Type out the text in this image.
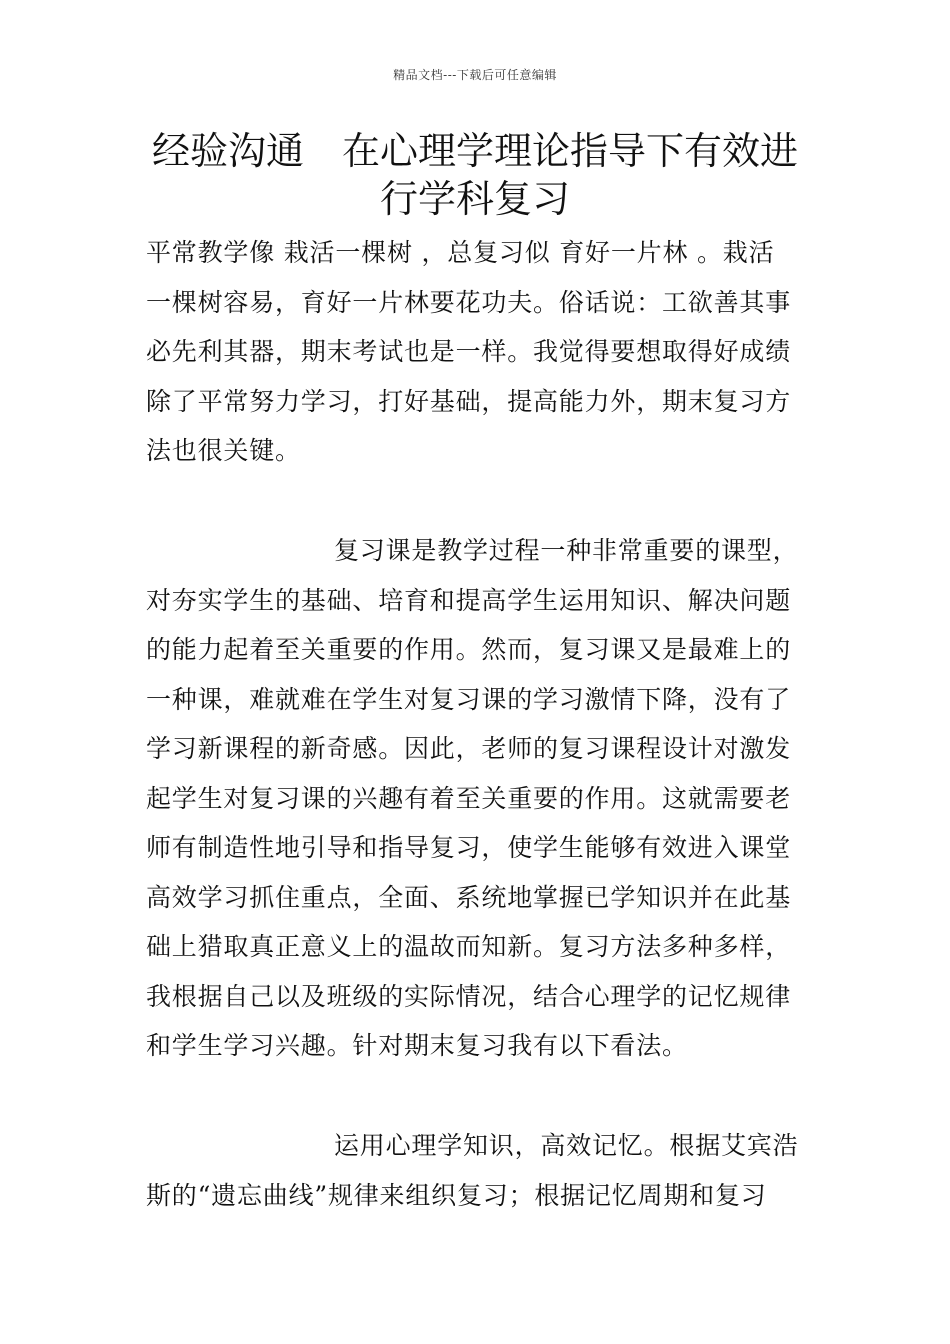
精品文档---下载后可任意编辑
经验沟通　在心理学理论指导下有效进
行学科复习
平常教学像 栽活一棵树 ，总复习似 育好一片林 。栽活
一棵树容易，育好一片林要花功夫。俗话说：工欲善其事
必先利其器，期末考试也是一样。我觉得要想取得好成绩
除了平常努力学习，打好基础，提高能力外，期末复习方
法也很关键。
复习课是教学过程一种非常重要的课型，
对夯实学生的基础、培育和提高学生运用知识、解决问题
的能力起着至关重要的作用。然而，复习课又是最难上的
一种课，难就难在学生对复习课的学习激情下降，没有了
学习新课程的新奇感。因此，老师的复习课程设计对激发
起学生对复习课的兴趣有着至关重要的作用。这就需要老
师有制造性地引导和指导复习，使学生能够有效进入课堂
高效学习抓住重点，全面、系统地掌握已学知识并在此基
础上猎取真正意义上的温故而知新。复习方法多种多样，
我根据自己以及班级的实际情况，结合心理学的记忆规律
和学生学习兴趣。针对期末复习我有以下看法。
运用心理学知识，高效记忆。根据艾宾浩
斯的“遗忘曲线”规律来组织复习；根据记忆周期和复习
